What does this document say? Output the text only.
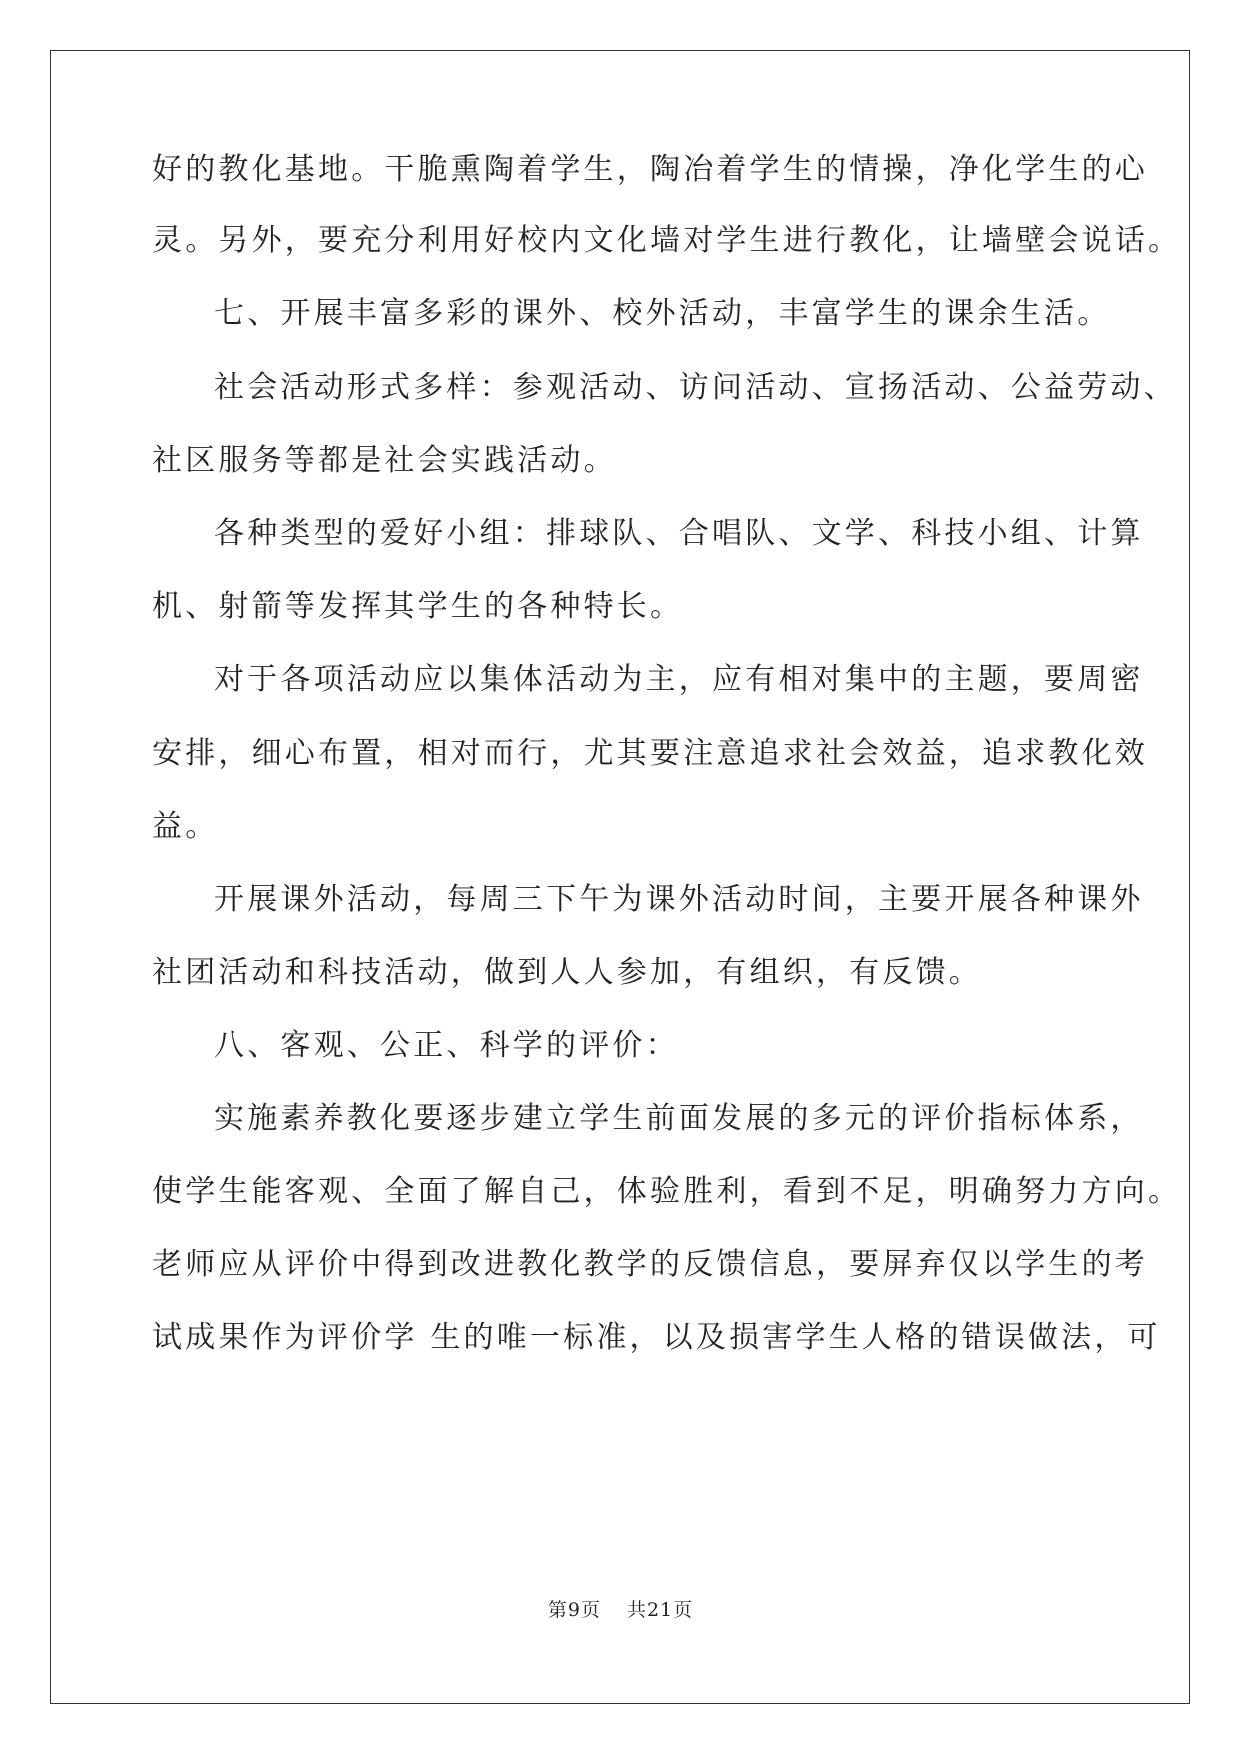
好的教化基地。干脆熏陶着学生，陶冶着学生的情操，净化学生的心
灵。另外，要充分利用好校内文化墙对学生进行教化，让墙壁会说话。
七、开展丰富多彩的课外、校外活动，丰富学生的课余生活。
社会活动形式多样：参观活动、访问活动、宣扬活动、公益劳动、
社区服务等都是社会实践活动。
各种类型的爱好小组：排球队、合唱队、文学、科技小组、计算
机、射箭等发挥其学生的各种特长。
对于各项活动应以集体活动为主，应有相对集中的主题，要周密
安排，细心布置，相对而行，尤其要注意追求社会效益，追求教化效
益。
开展课外活动，每周三下午为课外活动时间，主要开展各种课外
社团活动和科技活动，做到人人参加，有组织，有反馈。
八、客观、公正、科学的评价：
实施素养教化要逐步建立学生前面发展的多元的评价指标体系，
使学生能客观、全面了解自己，体验胜利，看到不足，明确努力方向。
老师应从评价中得到改进教化教学的反馈信息，要屏弃仅以学生的考
试成果作为评价学 生的唯一标准，以及损害学生人格的错误做法，可
第9页 共21页
